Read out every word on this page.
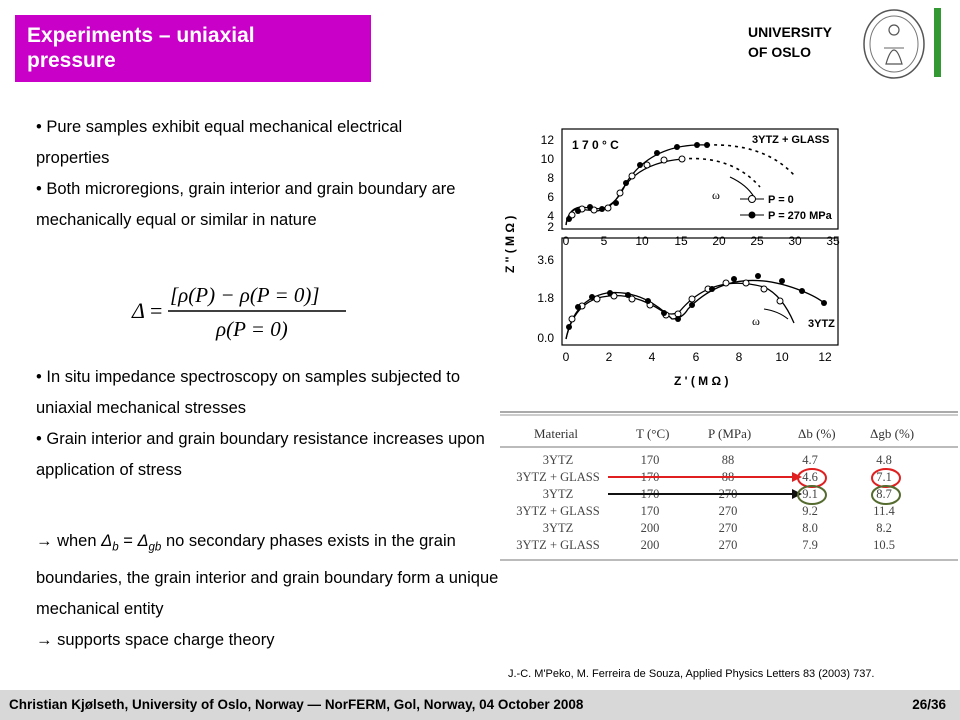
Experiments – uniaxial pressure
UNIVERSITY
OF OSLO

• Pure samples exhibit equal mechanical electrical properties

• Both microregions, grain interior and grain boundary are mechanically equal or similar in nature

Δ =
[ρ(P) − ρ(P = 0)]
ρ(P = 0)

• In situ impedance spectroscopy on samples subjected to uniaxial mechanical stresses

• Grain interior and grain boundary resistance increases upon application of stress

→ when $\Delta_b = \Delta_{gb}$ no secondary phases exists in the grain boundaries, the grain interior and grain boundary form a unique mechanical entity

→ supports space charge theory

12
10
8
6
4
2
0	5 10 15 20 25 30 35
1 7 0 ° C	3YTZ + GLASS
ω	P = 0
P = 270 MPa
3.6
1.8
0.0
0	2	4	6	8	10 12
3YTZ
ω
Z '' ( M Ω )
Z ' ( M Ω )
Material	T (°C)	P (MPa)	Δb (%)	Δgb (%)
3YTZ	170	88	4.7	4.8
3YTZ + GLASS	170	88	4.6	7.1
3YTZ	170	270	9.1	8.7
3YTZ + GLASS	170	270	9.2	11.4
3YTZ	200	270	8.0	8.2
3YTZ + GLASS	200	270	7.9	10.5
J.-C. M'Peko, M. Ferreira de Souza, Applied Physics Letters 83 (2003) 737.
Christian Kjølseth, University of Oslo, Norway — NorFERM, Gol, Norway, 04 October 2008	26/36
